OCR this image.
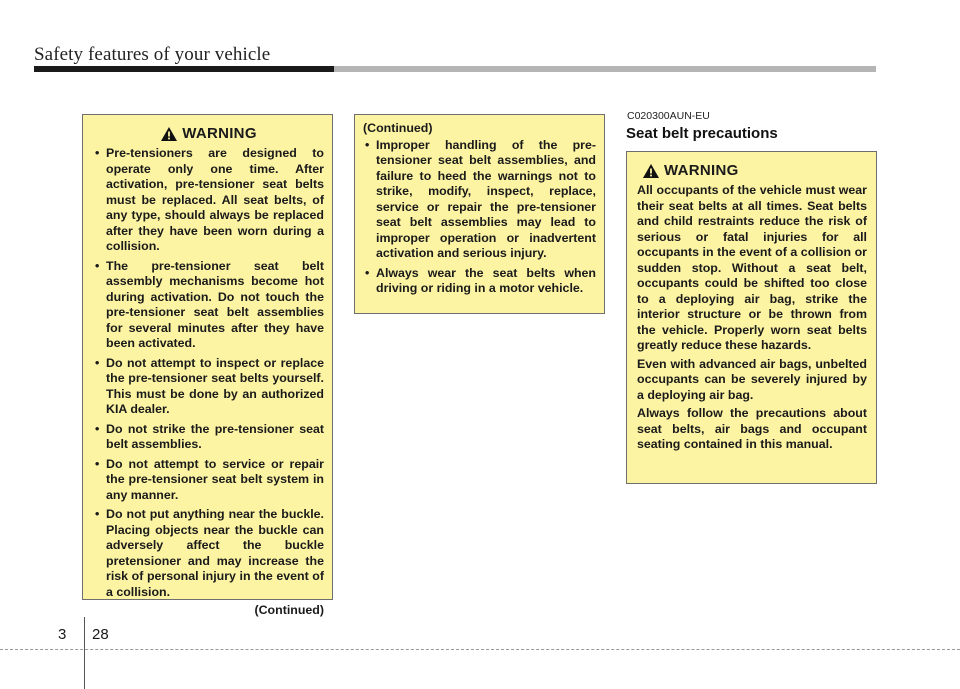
Safety features of your vehicle
WARNING
• Pre-tensioners are designed to operate only one time. After activation, pre-tensioner seat belts must be replaced. All seat belts, of any type, should always be replaced after they have been worn during a collision.
• The pre-tensioner seat belt assembly mechanisms become hot during activation. Do not touch the pre-tensioner seat belt assemblies for several minutes after they have been activated.
• Do not attempt to inspect or replace the pre-tensioner seat belts yourself. This must be done by an authorized KIA dealer.
• Do not strike the pre-tensioner seat belt assemblies.
• Do not attempt to service or repair the pre-tensioner seat belt system in any manner.
• Do not put anything near the buckle. Placing objects near the buckle can adversely affect the buckle pretensioner and may increase the risk of personal injury in the event of a collision.
(Continued)
(Continued)
• Improper handling of the pre-tensioner seat belt assemblies, and failure to heed the warnings not to strike, modify, inspect, replace, service or repair the pre-tensioner seat belt assemblies may lead to improper operation or inadvertent activation and serious injury.
• Always wear the seat belts when driving or riding in a motor vehicle.
C020300AUN-EU
Seat belt precautions
WARNING

All occupants of the vehicle must wear their seat belts at all times. Seat belts and child restraints reduce the risk of serious or fatal injuries for all occupants in the event of a collision or sudden stop. Without a seat belt, occupants could be shifted too close to a deploying air bag, strike the interior structure or be thrown from the vehicle. Properly worn seat belts greatly reduce these hazards.

Even with advanced air bags, unbelted occupants can be severely injured by a deploying air bag.

Always follow the precautions about seat belts, air bags and occupant seating contained in this manual.

3 28
